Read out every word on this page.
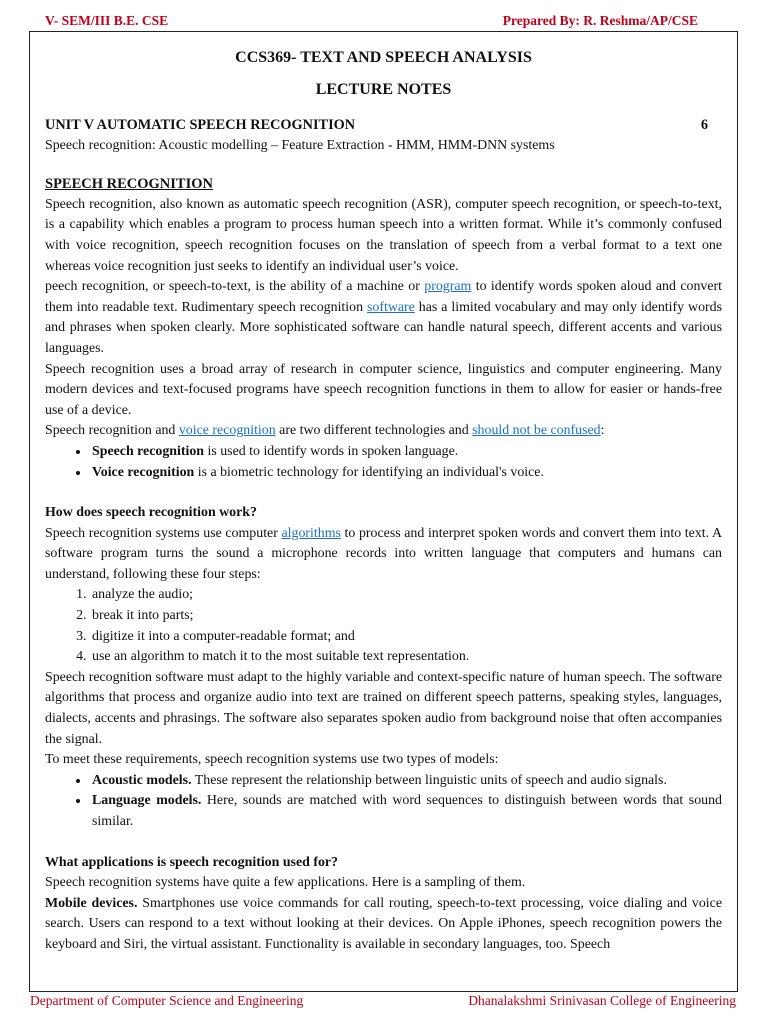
V- SEM/III B.E. CSE	Prepared By: R. Reshma/AP/CSE
CCS369- TEXT AND SPEECH ANALYSIS
LECTURE NOTES
UNIT V AUTOMATIC SPEECH RECOGNITION	6

Speech recognition: Acoustic modelling – Feature Extraction - HMM, HMM-DNN systems

SPEECH RECOGNITION

Speech recognition, also known as automatic speech recognition (ASR), computer speech recognition, or speech-to-text, is a capability which enables a program to process human speech into a written format. While it’s commonly confused with voice recognition, speech recognition focuses on the translation of speech from a verbal format to a text one whereas voice recognition just seeks to identify an individual user’s voice.

peech recognition, or speech-to-text, is the ability of a machine or program to identify words spoken aloud and convert them into readable text. Rudimentary speech recognition software has a limited vocabulary and may only identify words and phrases when spoken clearly. More sophisticated software can handle natural speech, different accents and various languages.

Speech recognition uses a broad array of research in computer science, linguistics and computer engineering. Many modern devices and text-focused programs have speech recognition functions in them to allow for easier or hands-free use of a device.

Speech recognition and voice recognition are two different technologies and should not be confused:

• Speech recognition is used to identify words in spoken language.
• Voice recognition is a biometric technology for identifying an individual's voice.
How does speech recognition work?

Speech recognition systems use computer algorithms to process and interpret spoken words and convert them into text. A software program turns the sound a microphone records into written language that computers and humans can understand, following these four steps:

1. analyze the audio;
2. break it into parts;
3. digitize it into a computer-readable format; and
4. use an algorithm to match it to the most suitable text representation.

Speech recognition software must adapt to the highly variable and context-specific nature of human speech. The software algorithms that process and organize audio into text are trained on different speech patterns, speaking styles, languages, dialects, accents and phrasings. The software also separates spoken audio from background noise that often accompanies the signal.

To meet these requirements, speech recognition systems use two types of models:

• Acoustic models. These represent the relationship between linguistic units of speech and audio signals.
• Language models. Here, sounds are matched with word sequences to distinguish between words that sound similar.
What applications is speech recognition used for?

Speech recognition systems have quite a few applications. Here is a sampling of them.

Mobile devices. Smartphones use voice commands for call routing, speech-to-text processing, voice dialing and voice search. Users can respond to a text without looking at their devices. On Apple iPhones, speech recognition powers the keyboard and Siri, the virtual assistant. Functionality is available in secondary languages, too. Speech

Department of Computer Science and Engineering	Dhanalakshmi Srinivasan College of Engineering
